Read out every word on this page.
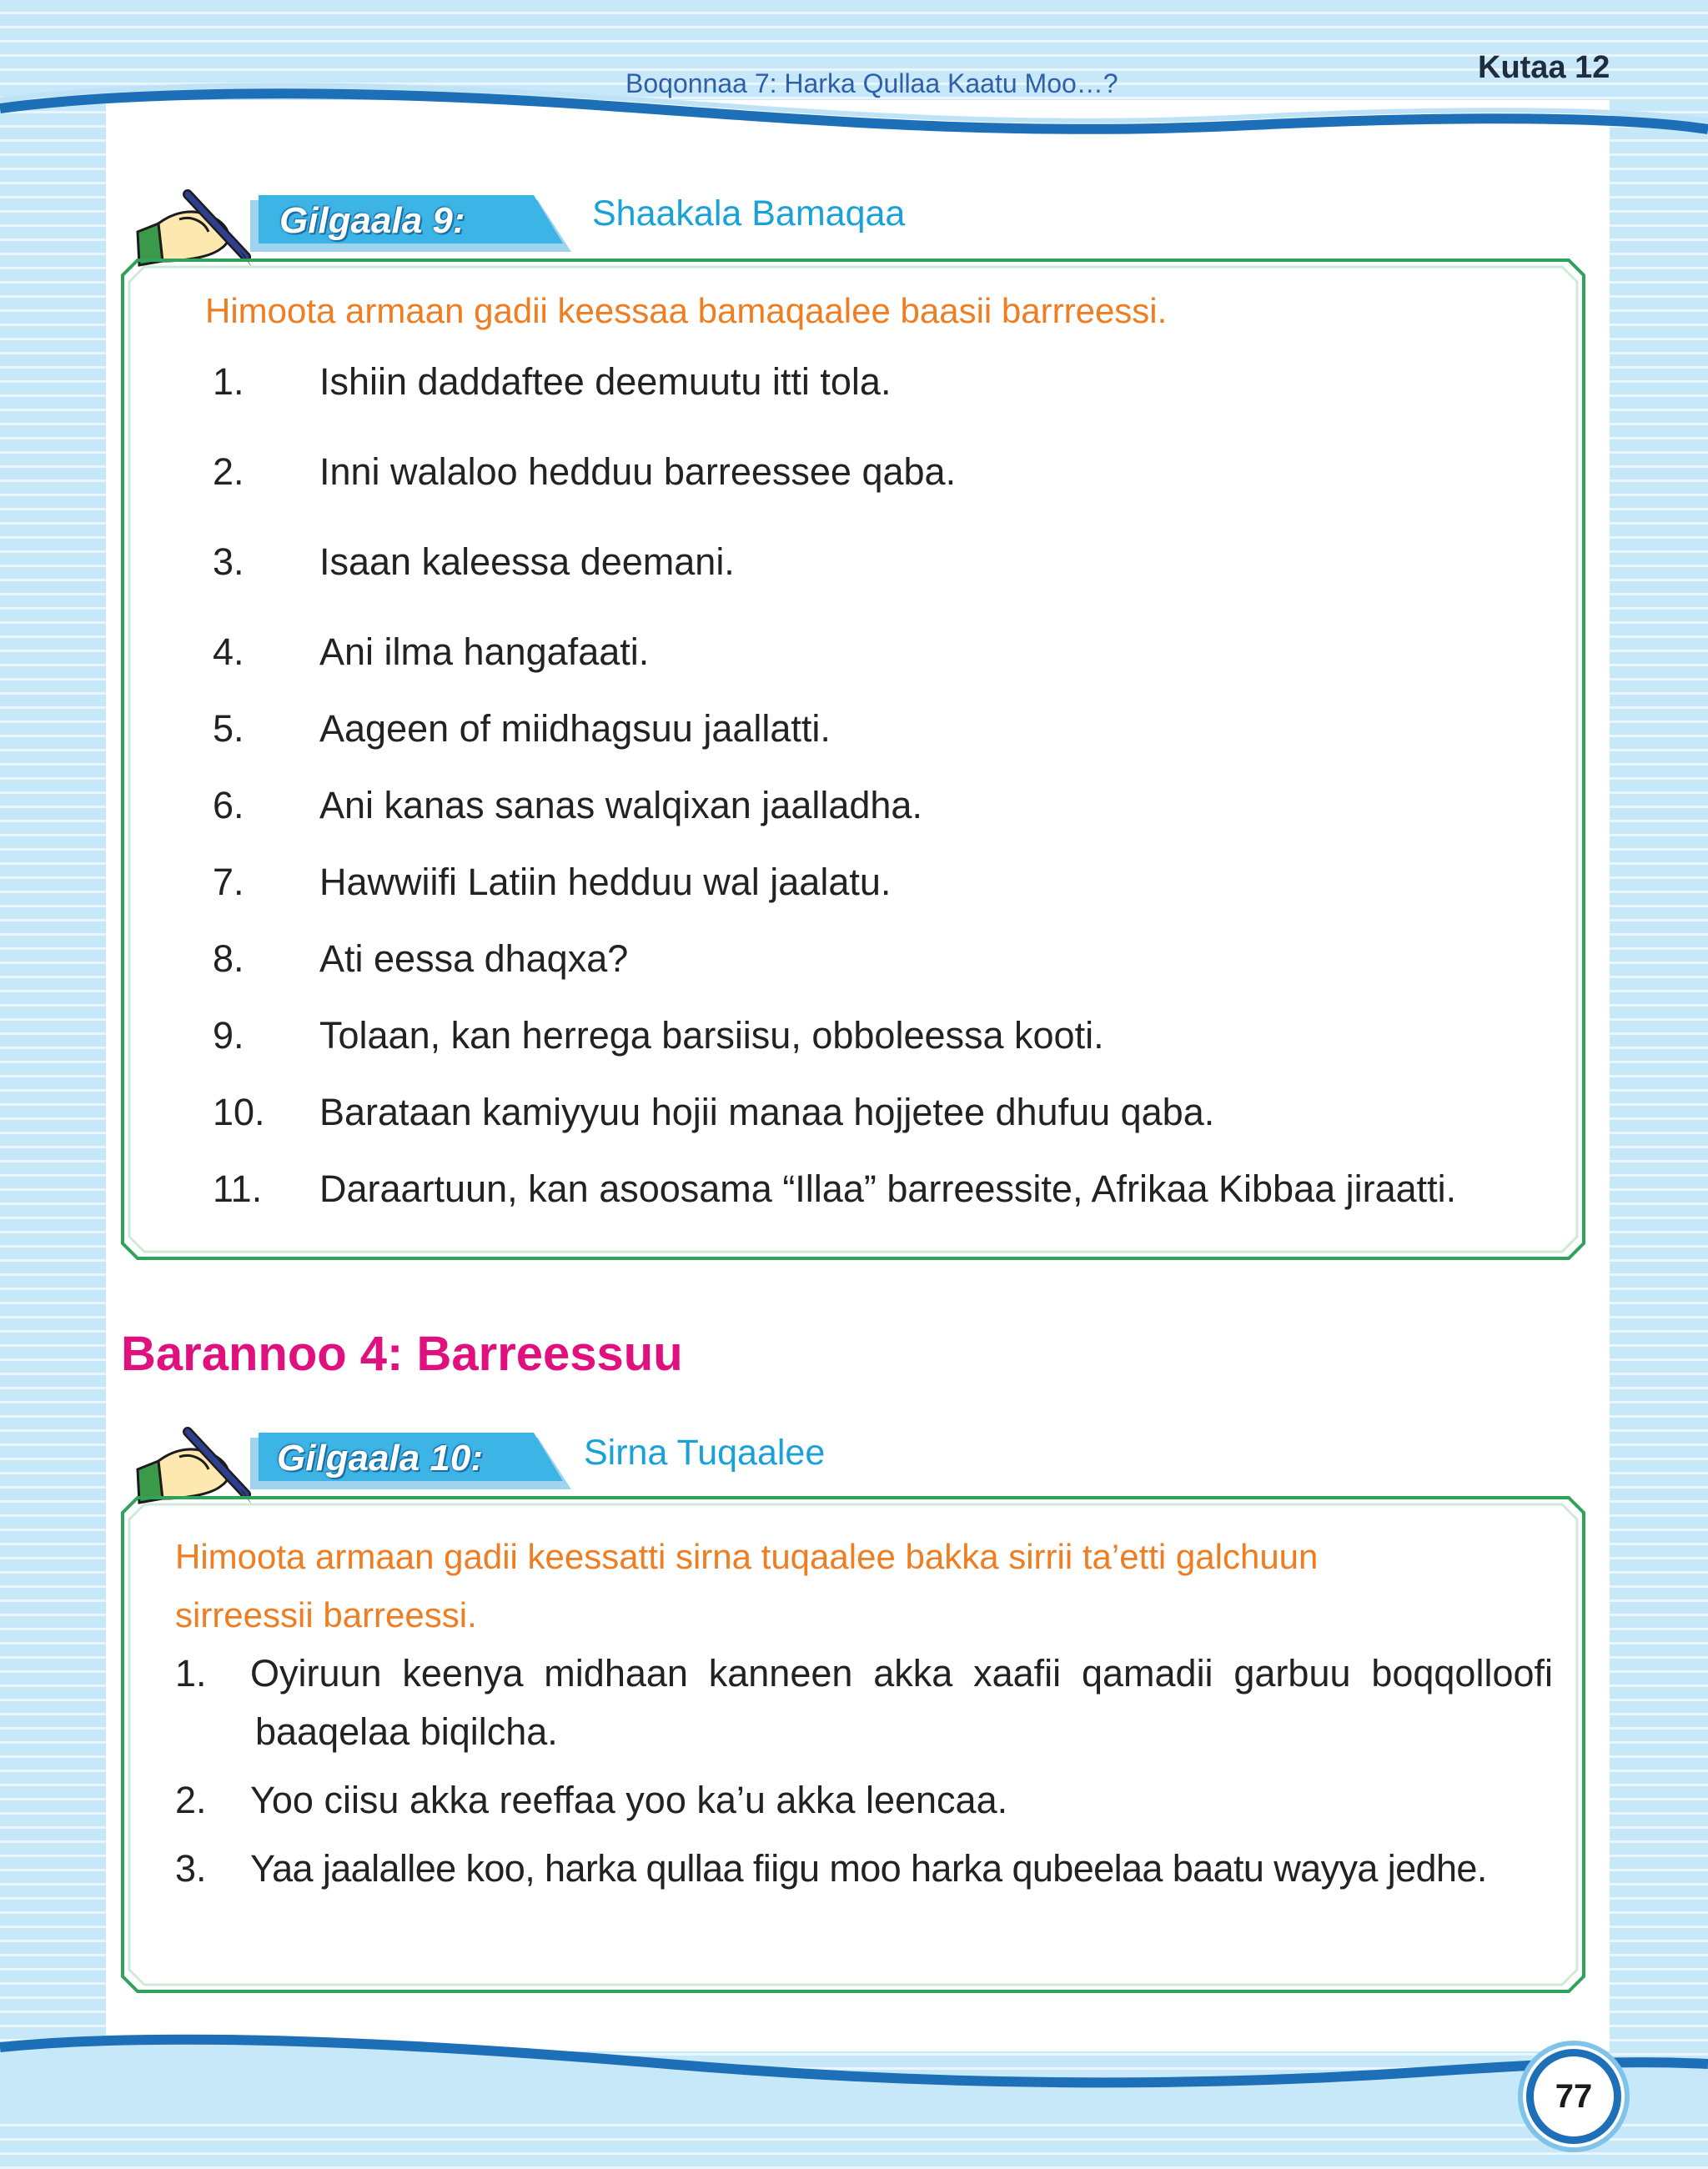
Boqonnaa 7: Harka Qullaa Kaatu Moo…?	Kutaa 12
Gilgaala 9:	Shaakala Bamaqaa
Himoota armaan gadii keessaa bamaqaalee baasii barrreessi.
1. Ishiin daddaftee deemuutu itti tola.
2. Inni walaloo hedduu barreessee qaba.
3. Isaan kaleessa deemani.
4. Ani ilma hangafaati.
5. Aageen of miidhagsuu jaallatti.
6. Ani kanas sanas walqixan jaalladha.
7. Hawwiifi Latiin hedduu wal jaalatu.
8. Ati eessa dhaqxa?
9. Tolaan, kan herrega barsiisu, obboleessa kooti.
10. Barataan kamiyyuu hojii manaa hojjetee dhufuu qaba.
11. Daraartuun, kan asoosama “Illaa” barreessite, Afrikaa Kibbaa jiraatti.
Barannoo 4: Barreessuu
Gilgaala 10:	Sirna Tuqaalee
Himoota armaan gadii keessatti sirna tuqaalee bakka sirrii ta’etti galchuun
sirreessii barreessi.
1. Oyiruun keenya midhaan kanneen akka xaafii qamadii garbuu boqqolloofi
baaqelaa biqilcha.
2. Yoo ciisu akka reeffaa yoo ka’u akka leencaa.
3. Yaa jaalallee koo, harka qullaa fiigu moo harka qubeelaa baatu wayya jedhe.
77
